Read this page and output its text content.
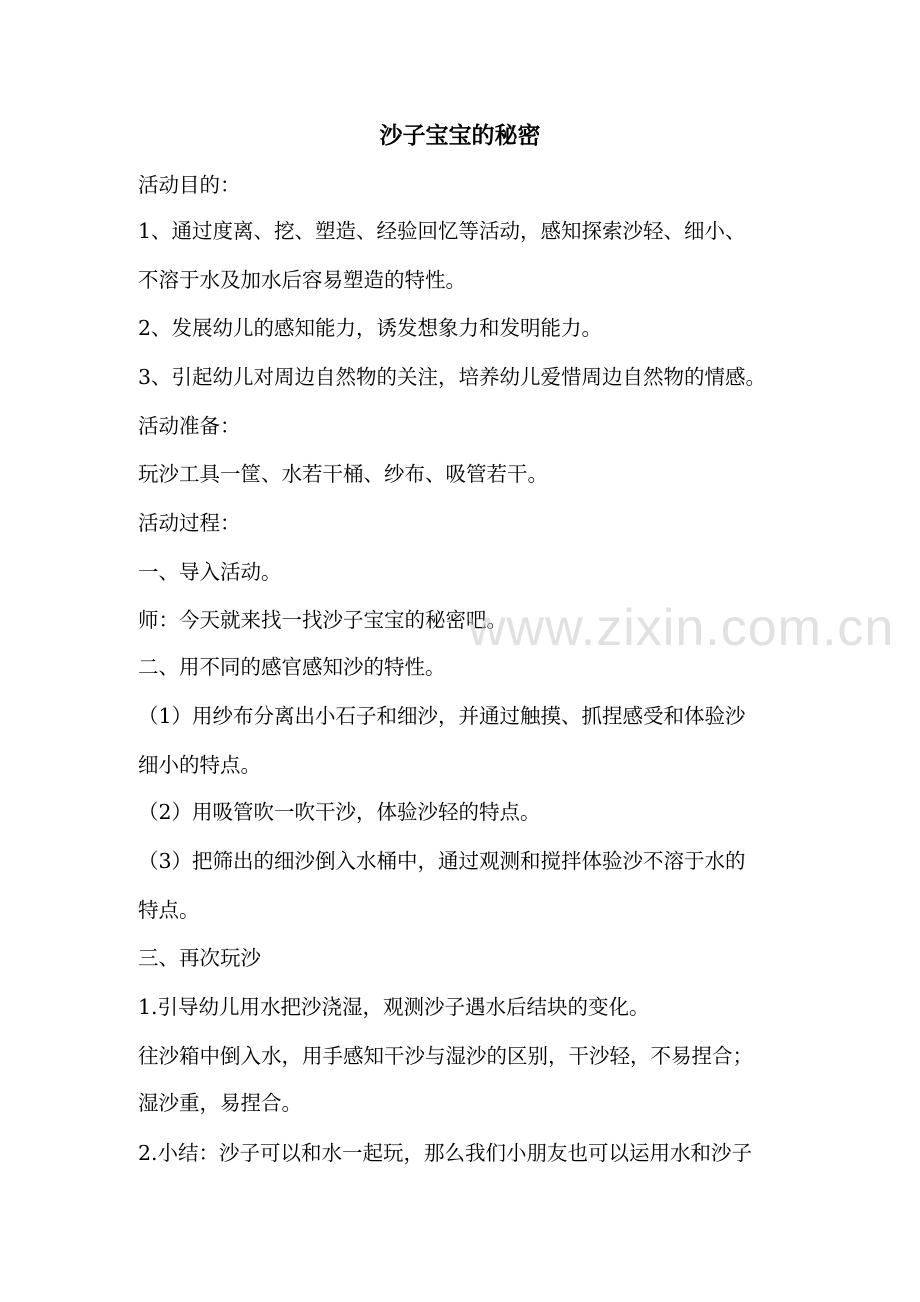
沙子宝宝的秘密
活动目的：
1、通过度离、挖、塑造、经验回忆等活动，感知探索沙轻、细小、
不溶于水及加水后容易塑造的特性。
2、发展幼儿的感知能力，诱发想象力和发明能力。
3、引起幼儿对周边自然物的关注，培养幼儿爱惜周边自然物的情感。
活动准备：
玩沙工具一筐、水若干桶、纱布、吸管若干。
活动过程：
一、导入活动。
师：今天就来找一找沙子宝宝的秘密吧。
二、用不同的感官感知沙的特性。
（1）用纱布分离出小石子和细沙，并通过触摸、抓捏感受和体验沙
细小的特点。
（2）用吸管吹一吹干沙，体验沙轻的特点。
（3）把筛出的细沙倒入水桶中，通过观测和搅拌体验沙不溶于水的
特点。
三、再次玩沙
1.引导幼儿用水把沙浇湿，观测沙子遇水后结块的变化。
往沙箱中倒入水，用手感知干沙与湿沙的区别，干沙轻，不易捏合；
湿沙重，易捏合。
2.小结：沙子可以和水一起玩，那么我们小朋友也可以运用水和沙子
www.zixin.com.cn
